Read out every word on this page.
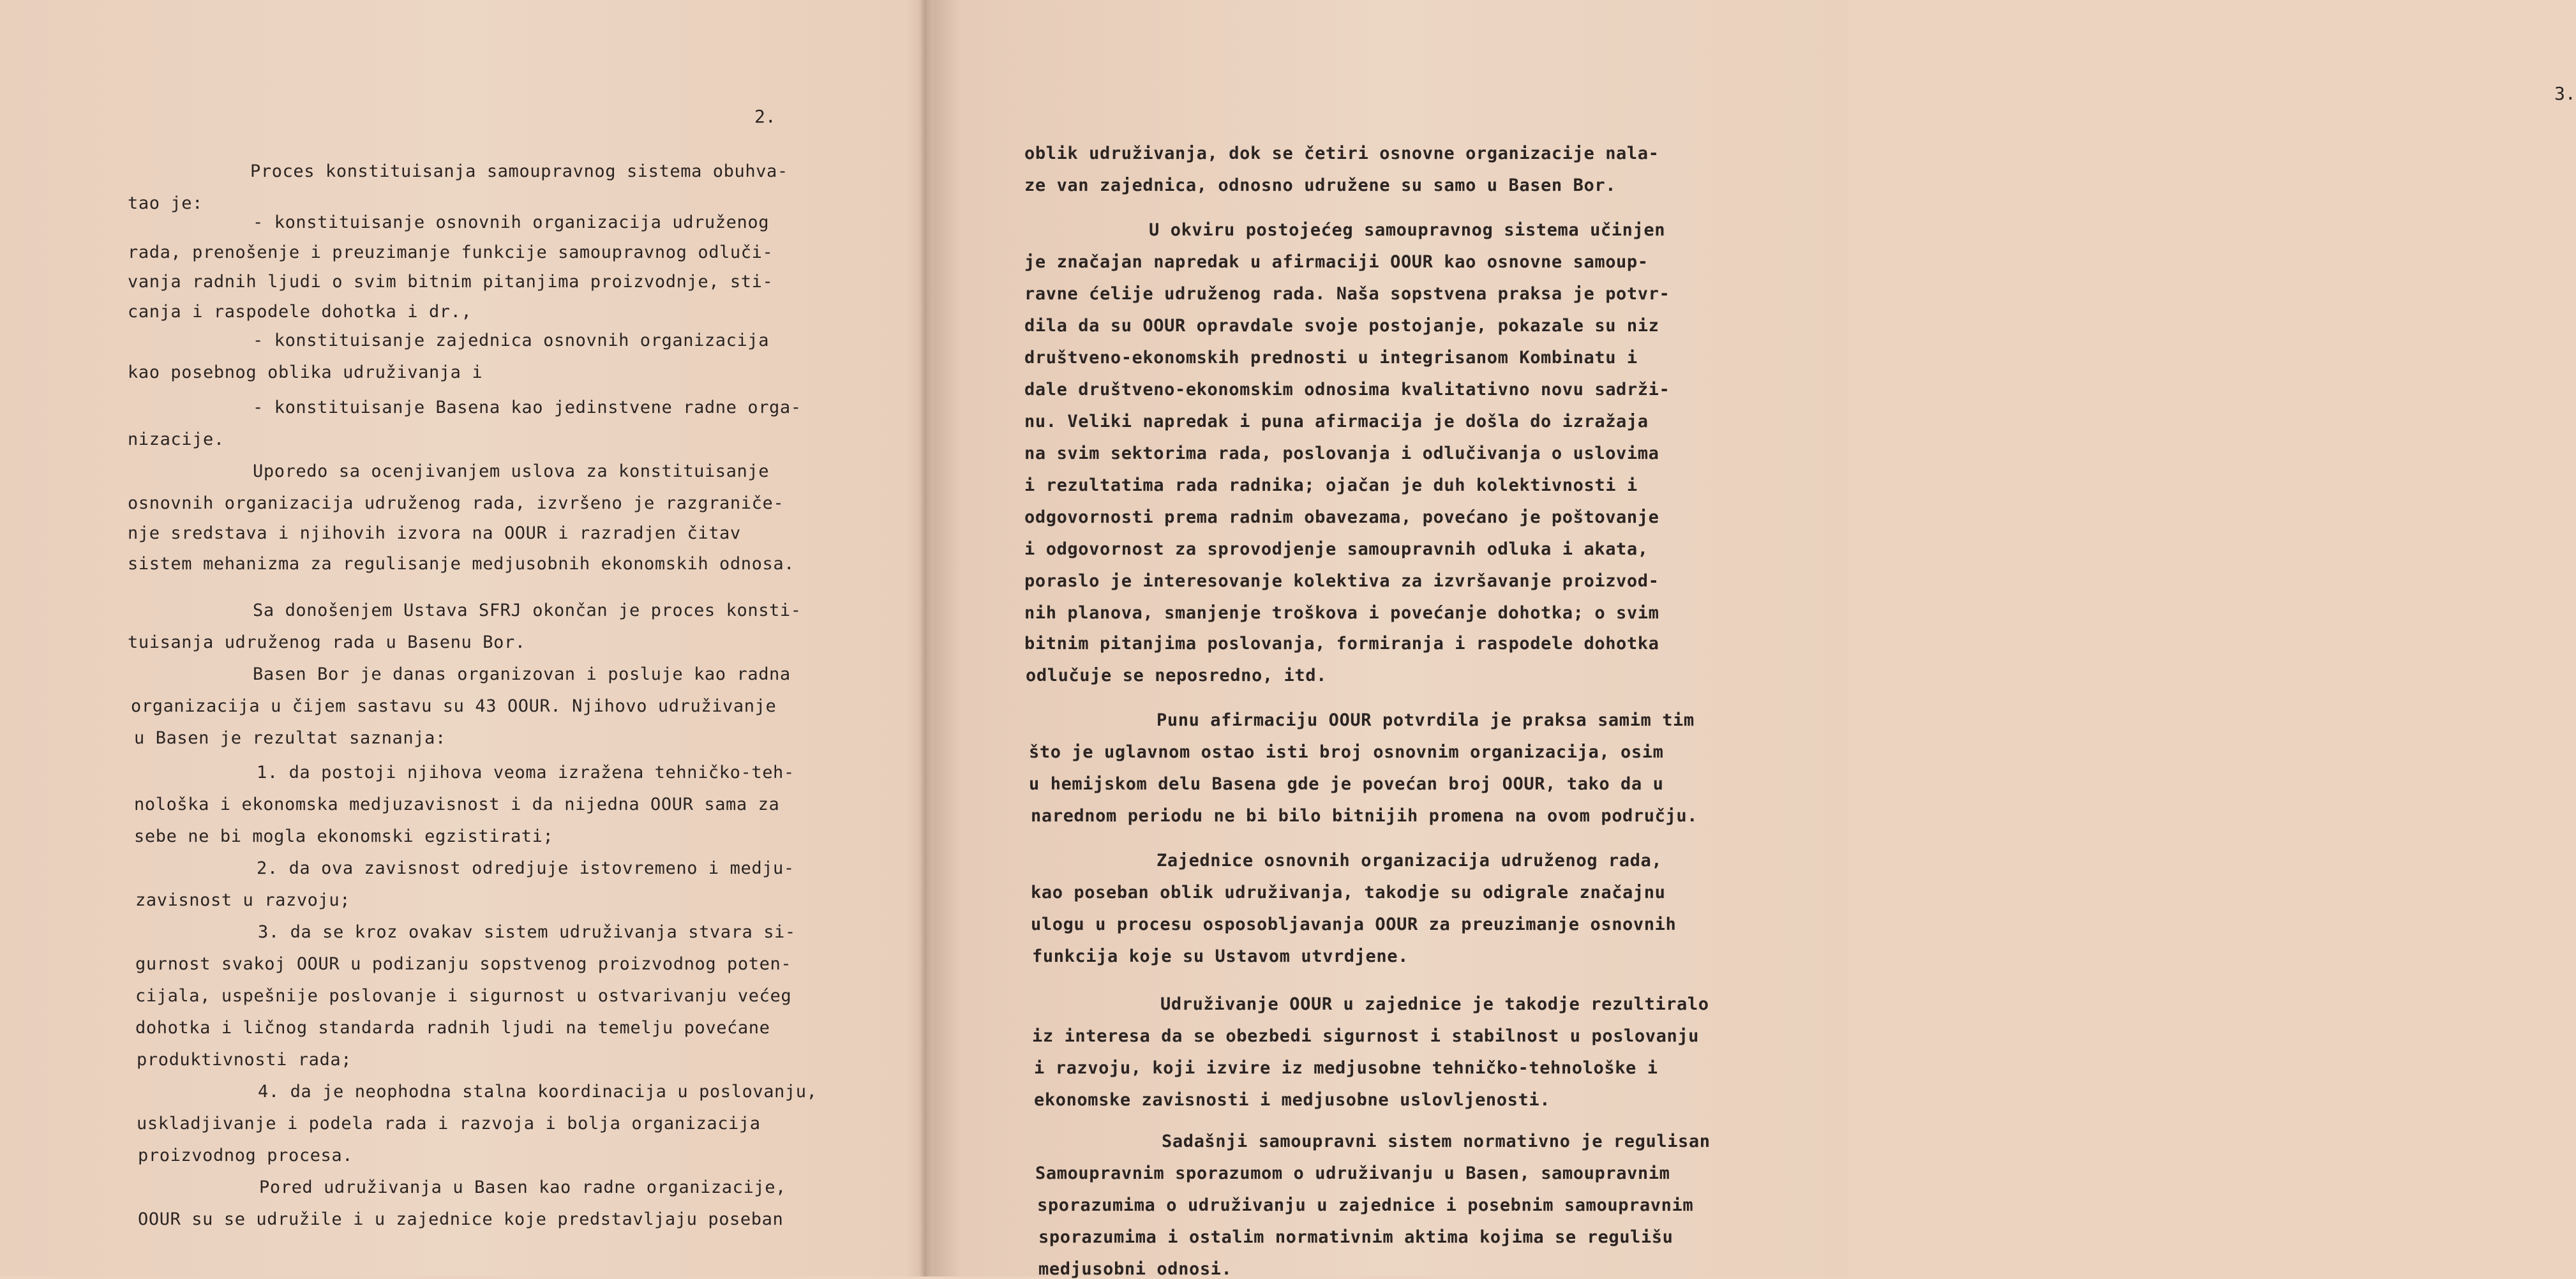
2.
Proces konstituisanja samoupravnog sistema obuhva-
tao je:
- konstituisanje osnovnih organizacija udruženog
rada, prenošenje i preuzimanje funkcije samoupravnog odluči-
vanja radnih ljudi o svim bitnim pitanjima proizvodnje, sti-
canja i raspodele dohotka i dr.,
- konstituisanje zajednica osnovnih organizacija
kao posebnog oblika udruživanja i
- konstituisanje Basena kao jedinstvene radne orga-
nizacije.
Uporedo sa ocenjivanjem uslova za konstituisanje
osnovnih organizacija udruženog rada, izvršeno je razgraniče-
nje sredstava i njihovih izvora na OOUR i razradjen čitav
sistem mehanizma za regulisanje medjusobnih ekonomskih odnosa.
Sa donošenjem Ustava SFRJ okončan je proces konsti-
tuisanja udruženog rada u Basenu Bor.
Basen Bor je danas organizovan i posluje kao radna
organizacija u čijem sastavu su 43 OOUR. Njihovo udruživanje
u Basen je rezultat saznanja:
1. da postoji njihova veoma izražena tehničko-teh-
nološka i ekonomska medjuzavisnost i da nijedna OOUR sama za
sebe ne bi mogla ekonomski egzistirati;
2. da ova zavisnost odredjuje istovremeno i medju-
zavisnost u razvoju;
3. da se kroz ovakav sistem udruživanja stvara si-
gurnost svakoj OOUR u podizanju sopstvenog proizvodnog poten-
cijala, uspešnije poslovanje i sigurnost u ostvarivanju većeg
dohotka i ličnog standarda radnih ljudi na temelju povećane
produktivnosti rada;
4. da je neophodna stalna koordinacija u poslovanju,
uskladjivanje i podela rada i razvoja i bolja organizacija
proizvodnog procesa.
Pored udruživanja u Basen kao radne organizacije,
OOUR su se udružile i u zajednice koje predstavljaju poseban
3.
oblik udruživanja, dok se četiri osnovne organizacije nala-
ze van zajednica, odnosno udružene su samo u Basen Bor.
U okviru postojećeg samoupravnog sistema učinjen
je značajan napredak u afirmaciji OOUR kao osnovne samoup-
ravne ćelije udruženog rada. Naša sopstvena praksa je potvr-
dila da su OOUR opravdale svoje postojanje, pokazale su niz
društveno-ekonomskih prednosti u integrisanom Kombinatu i
dale društveno-ekonomskim odnosima kvalitativno novu sadrži-
nu. Veliki napredak i puna afirmacija je došla do izražaja
na svim sektorima rada, poslovanja i odlučivanja o uslovima
i rezultatima rada radnika; ojačan je duh kolektivnosti i
odgovornosti prema radnim obavezama, povećano je poštovanje
i odgovornost za sprovodjenje samoupravnih odluka i akata,
poraslo je interesovanje kolektiva za izvršavanje proizvod-
nih planova, smanjenje troškova i povećanje dohotka; o svim
bitnim pitanjima poslovanja, formiranja i raspodele dohotka
odlučuje se neposredno, itd.
Punu afirmaciju OOUR potvrdila je praksa samim tim
što je uglavnom ostao isti broj osnovnim organizacija, osim
u hemijskom delu Basena gde je povećan broj OOUR, tako da u
narednom periodu ne bi bilo bitnijih promena na ovom području.
Zajednice osnovnih organizacija udruženog rada,
kao poseban oblik udruživanja, takodje su odigrale značajnu
ulogu u procesu osposobljavanja OOUR za preuzimanje osnovnih
funkcija koje su Ustavom utvrdjene.
Udruživanje OOUR u zajednice je takodje rezultiralo
iz interesa da se obezbedi sigurnost i stabilnost u poslovanju
i razvoju, koji izvire iz medjusobne tehničko-tehnološke i
ekonomske zavisnosti i medjusobne uslovljenosti.
Sadašnji samoupravni sistem normativno je regulisan
Samoupravnim sporazumom o udruživanju u Basen, samoupravnim
sporazumima o udruživanju u zajednice i posebnim samoupravnim
sporazumima i ostalim normativnim aktima kojima se regulišu
medjusobni odnosi.
